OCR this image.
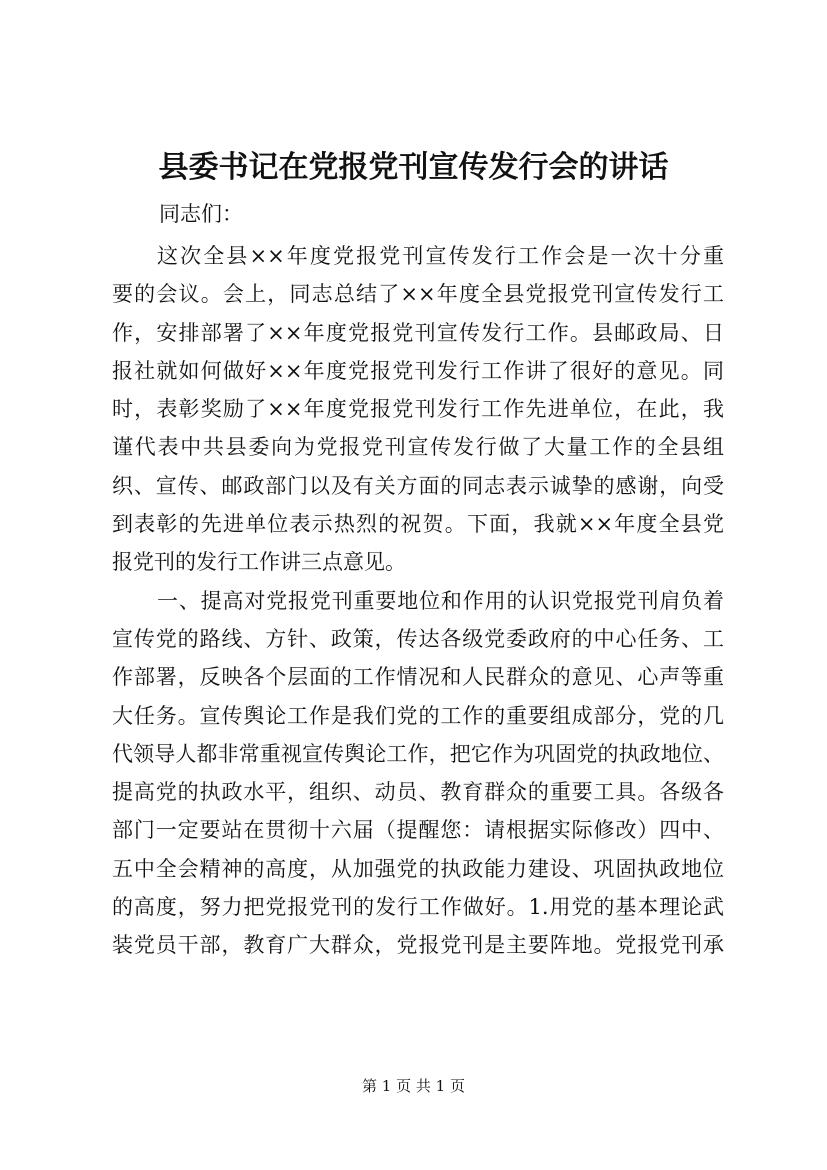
县委书记在党报党刊宣传发行会的讲话
同志们：
这次全县××年度党报党刊宣传发行工作会是一次十分重
要的会议。会上，同志总结了××年度全县党报党刊宣传发行工
作，安排部署了××年度党报党刊宣传发行工作。县邮政局、日
报社就如何做好××年度党报党刊发行工作讲了很好的意见。同
时，表彰奖励了××年度党报党刊发行工作先进单位，在此，我
谨代表中共县委向为党报党刊宣传发行做了大量工作的全县组
织、宣传、邮政部门以及有关方面的同志表示诚挚的感谢，向受
到表彰的先进单位表示热烈的祝贺。下面，我就××年度全县党
报党刊的发行工作讲三点意见。
一、提高对党报党刊重要地位和作用的认识党报党刊肩负着
宣传党的路线、方针、政策，传达各级党委政府的中心任务、工
作部署，反映各个层面的工作情况和人民群众的意见、心声等重
大任务。宣传舆论工作是我们党的工作的重要组成部分，党的几
代领导人都非常重视宣传舆论工作，把它作为巩固党的执政地位、
提高党的执政水平，组织、动员、教育群众的重要工具。各级各
部门一定要站在贯彻十六届（提醒您：请根据实际修改）四中、
五中全会精神的高度，从加强党的执政能力建设、巩固执政地位
的高度，努力把党报党刊的发行工作做好。1.用党的基本理论武
装党员干部，教育广大群众，党报党刊是主要阵地。党报党刊承
第 1 页 共 1 页
